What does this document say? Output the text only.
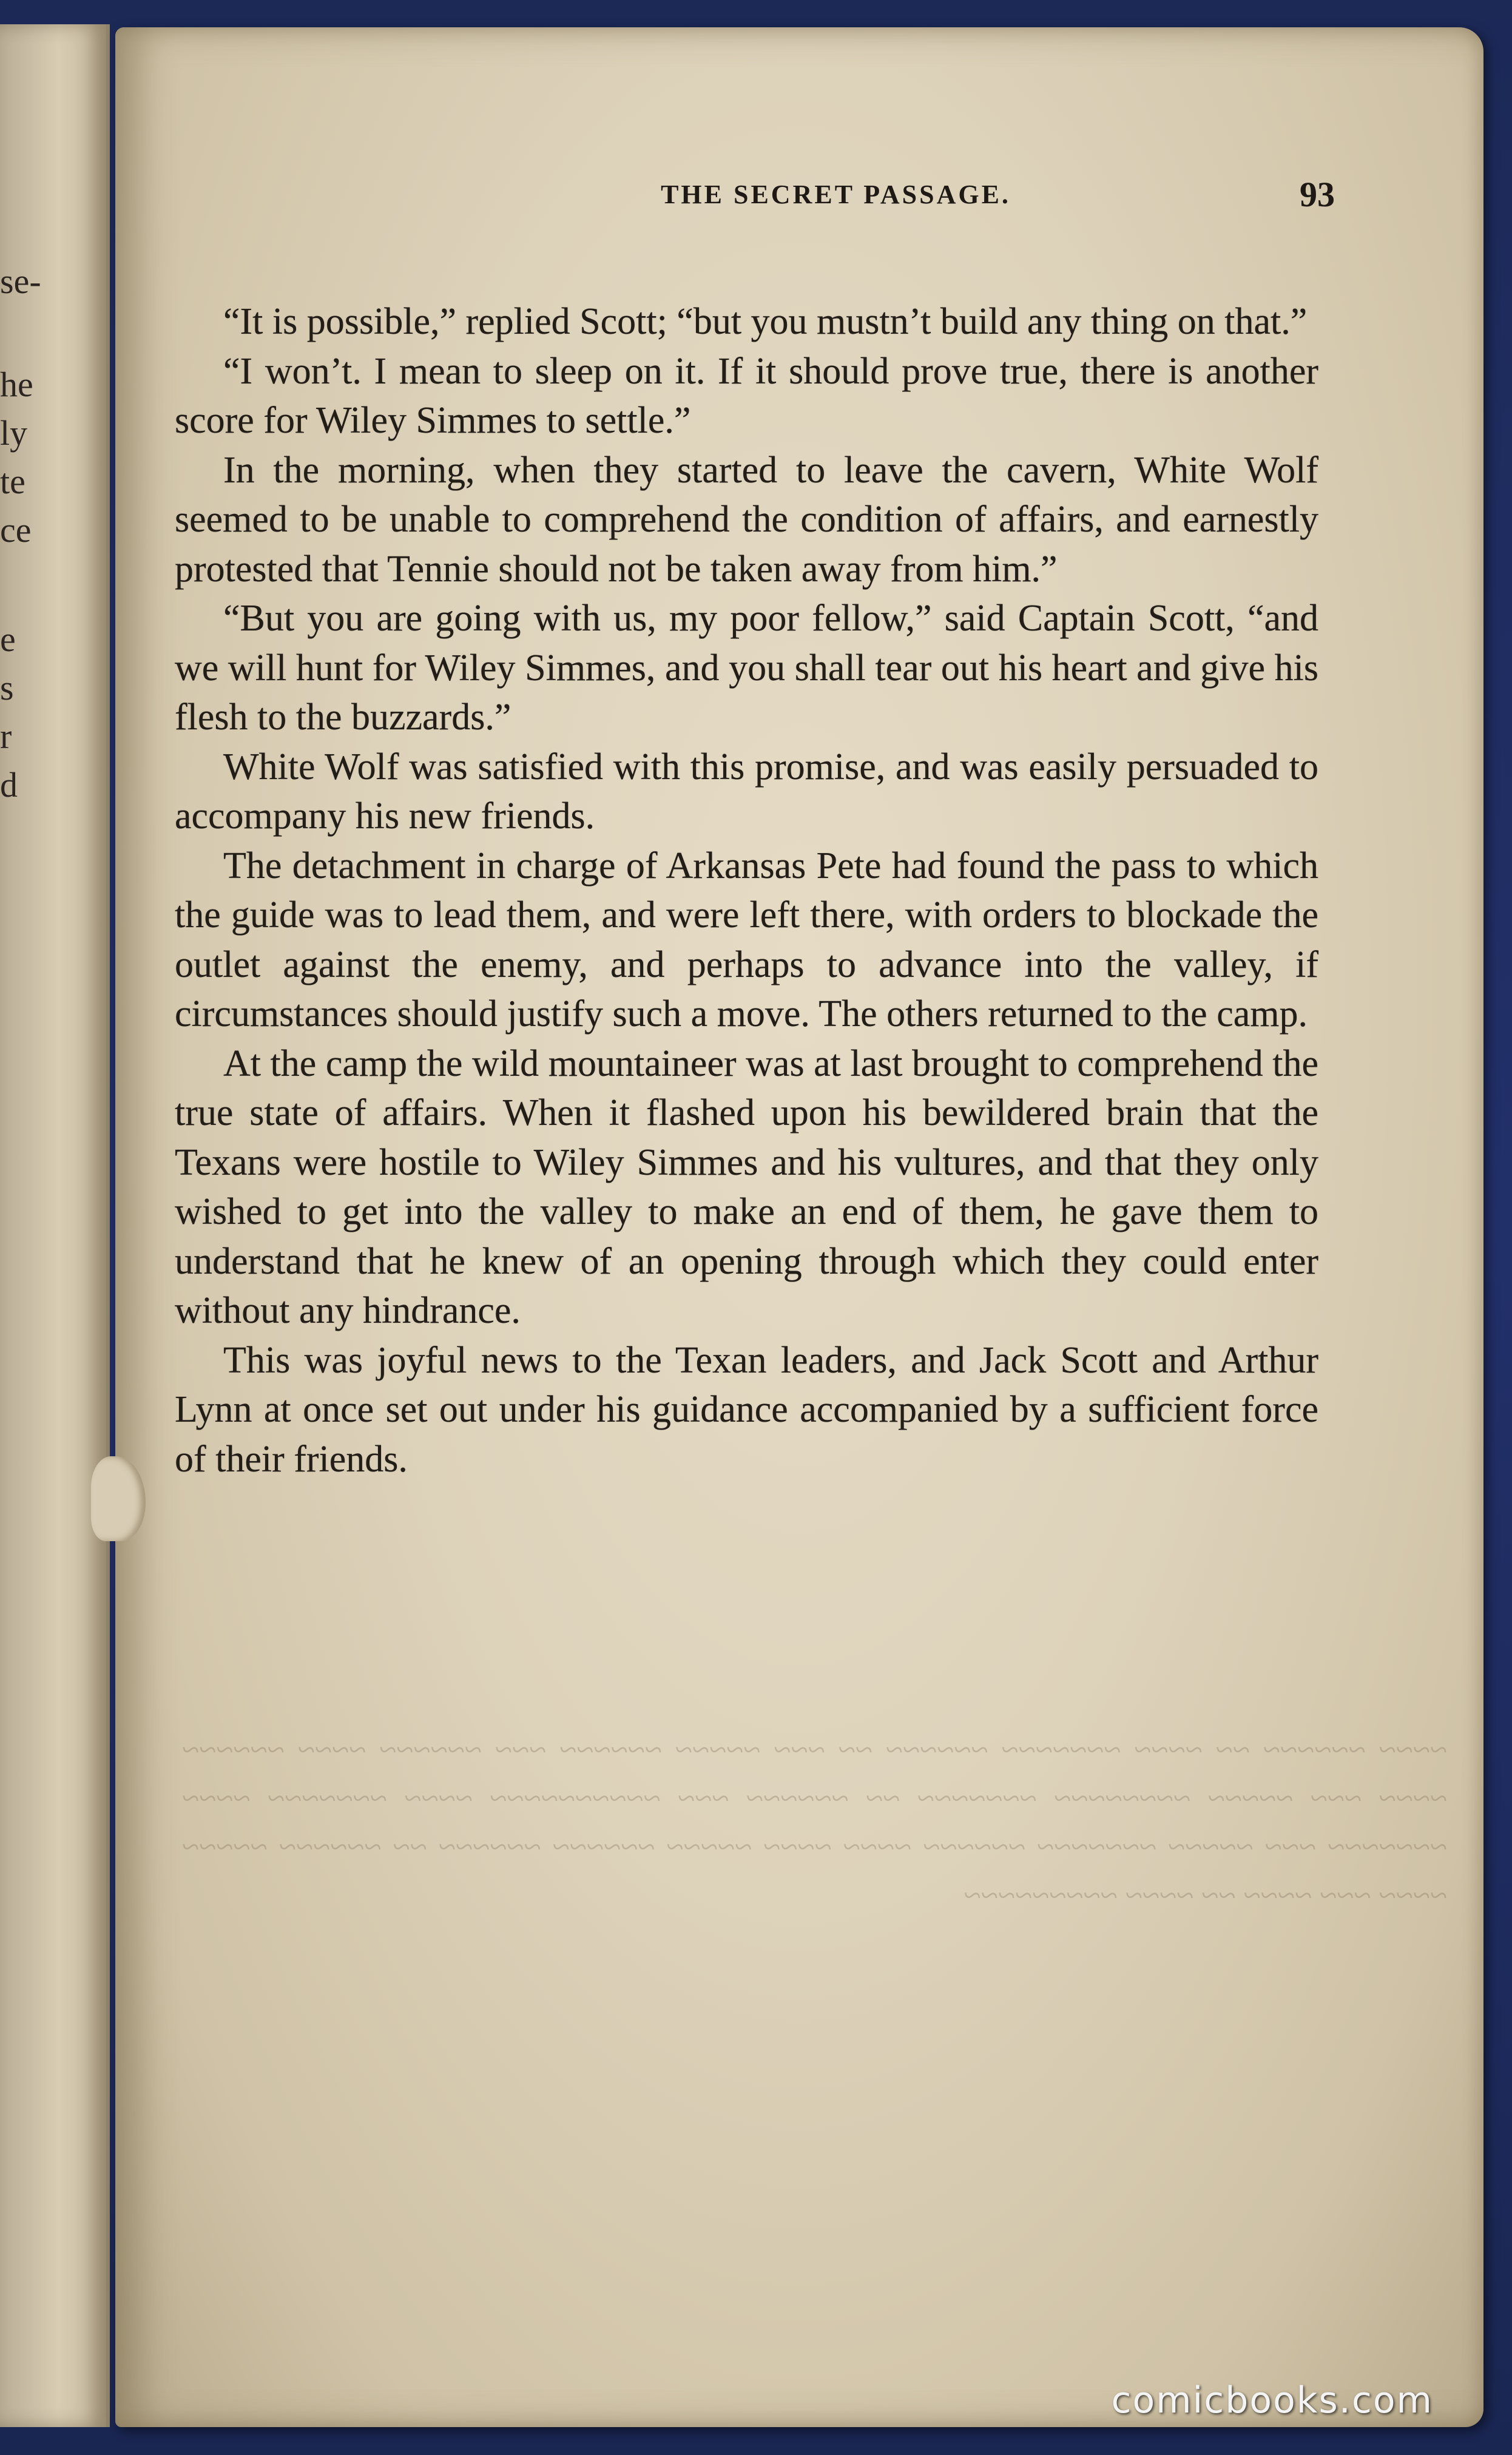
se-
he
ly
te
ce
e
s
r
d
~~~~ ~~~~~~ ~~ ~~~~ ~~~~~~~ ~~~~~~ ~~ ~~~ ~~~~~ ~~~~~~ ~~~ ~~~~~~ ~~~~ ~~~~~~ ~~~~ ~~~ ~~~~~ ~~~~~~~~ ~~~~~~~ ~~ ~~~~~~ ~~~ ~~~~~~~~~~ ~~~~ ~~~~~~~ ~~~~ ~~~~~~~ ~~~ ~~~~~ ~~~~~~~ ~~~~~~ ~~~~ ~~~~ ~~~~~ ~~~~~~ ~~~~~~ ~~ ~~~~~~ ~~~~~ ~~~~ ~~~ ~~~~ ~~ ~~~~ ~~~~~~~~~
THE SECRET PASSAGE.	93

“It is possible,” replied Scott; “but you mustn’t build any thing on that.”

“I won’t. I mean to sleep on it. If it should prove true, there is another score for Wiley Simmes to settle.”

In the morning, when they started to leave the cavern, White Wolf seemed to be unable to comprehend the condition of affairs, and earnestly protested that Tennie should not be taken away from him.”

“But you are going with us, my poor fellow,” said Captain Scott, “and we will hunt for Wiley Simmes, and you shall tear out his heart and give his flesh to the buzzards.”

White Wolf was satisfied with this promise, and was easily persuaded to accompany his new friends.

The detachment in charge of Arkansas Pete had found the pass to which the guide was to lead them, and were left there, with orders to blockade the outlet against the enemy, and perhaps to advance into the valley, if circumstances should justify such a move. The others returned to the camp.

At the camp the wild mountaineer was at last brought to comprehend the true state of affairs. When it flashed upon his bewildered brain that the Texans were hostile to Wiley Simmes and his vultures, and that they only wished to get into the valley to make an end of them, he gave them to understand that he knew of an opening through which they could enter without any hindrance.

This was joyful news to the Texan leaders, and Jack Scott and Arthur Lynn at once set out under his guidance accompanied by a sufficient force of their friends.

comicbooks.com
